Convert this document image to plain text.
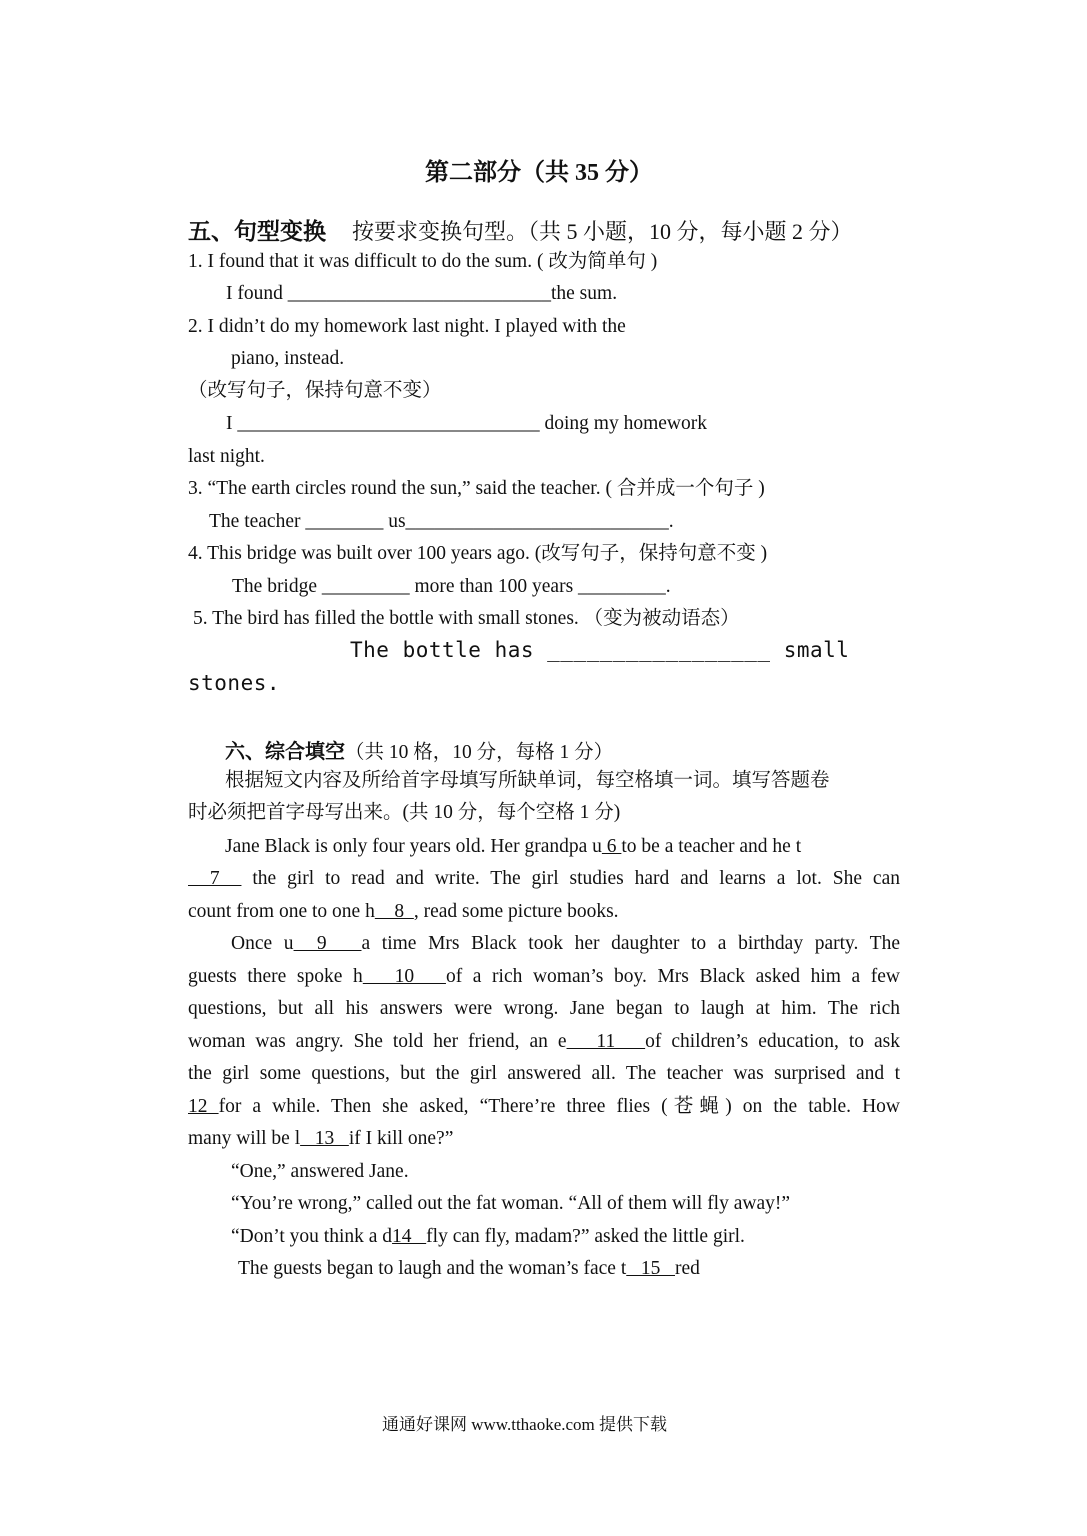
第二部分（共 35 分）
五、句型变换 按要求变换句型。（共 5 小题，10 分，每小题 2 分）
1. I found that it was difficult to do the sum. ( 改为简单句 )
I found ___________________________the sum.
2. I didn’t do my homework last night. I played with the
piano, instead.
（改写句子，保持句意不变）
I _______________________________ doing my homework
last night.
3. “The earth circles round the sun,” said the teacher. ( 合并成一个句子 )
The teacher ________ us___________________________.
4. This bridge was built over 100 years ago. (改写句子，保持句意不变 )
The bridge _________ more than 100 years _________.
5. The bird has filled the bottle with small stones. （变为被动语态）
The bottle has _________________ small
stones.
六、综合填空（共 10 格，10 分，每格 1 分）
根据短文内容及所给首字母填写所缺单词，每空格填一词。填写答题卷
时必须把首字母写出来。(共 10 分，每个空格 1 分)
Jane Black is only four years old. Her grandpa u 6 to be a teacher and he t
7   the girl to read and write. The girl studies hard and learns a lot. She can
count from one to one h    8  , read some picture books.
Once u  9   a time Mrs Black took her daughter to a birthday party. The
guests there spoke h   10   of a rich woman’s boy. Mrs Black asked him a few
questions, but all his answers were wrong. Jane began to laugh at him. The rich
woman was angry. She told her friend, an e   11   of children’s education, to ask
the girl some questions, but the girl answered all. The teacher was surprised and t
12 for a while. Then she asked, “There’re three flies (苍蝇) on the table. How
many will be l   13   if I kill one?”
“One,” answered Jane.
“You’re wrong,” called out the fat woman. “All of them will fly away!”
“Don’t you think a d14   fly can fly, madam?” asked the little girl.
The guests began to laugh and the woman’s face t   15   red
通通好课网 www.tthaoke.com 提供下载
